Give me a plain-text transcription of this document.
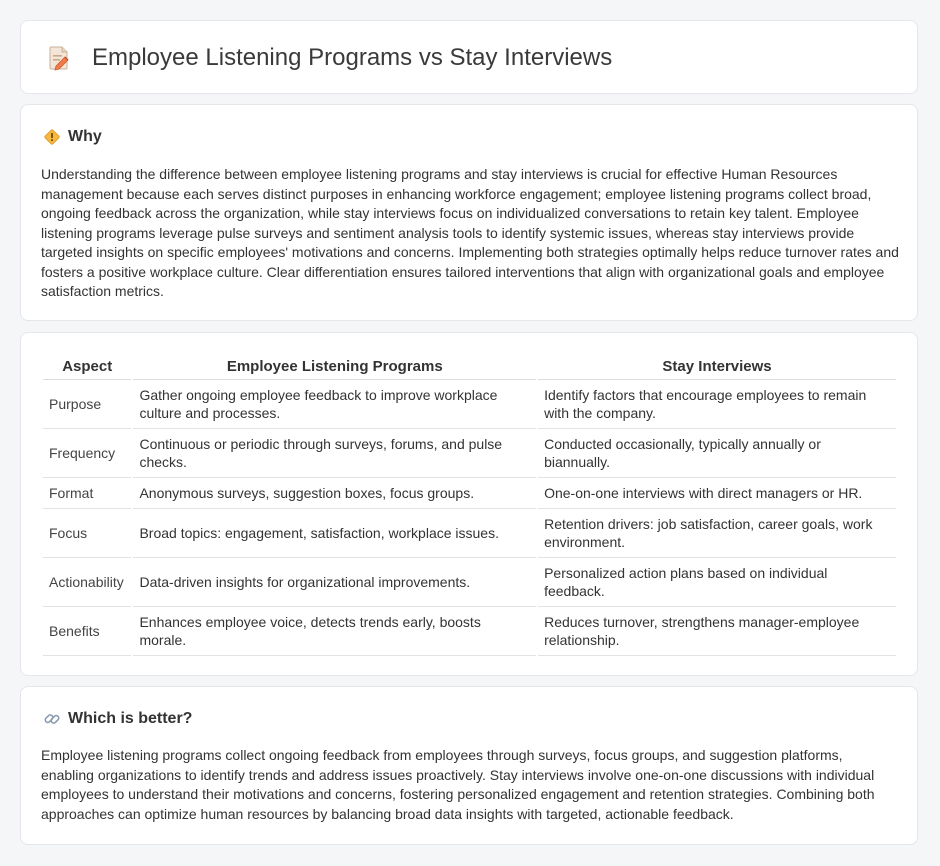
Employee Listening Programs vs Stay Interviews
Why

Understanding the difference between employee listening programs and stay interviews is crucial for effective Human Resources management because each serves distinct purposes in enhancing workforce engagement; employee listening programs collect broad, ongoing feedback across the organization, while stay interviews focus on individualized conversations to retain key talent. Employee listening programs leverage pulse surveys and sentiment analysis tools to identify systemic issues, whereas stay interviews provide targeted insights on specific employees' motivations and concerns. Implementing both strategies optimally helps reduce turnover rates and fosters a positive workplace culture. Clear differentiation ensures tailored interventions that align with organizational goals and employee satisfaction metrics.

Aspect	Employee Listening Programs	Stay Interviews
Purpose	Gather ongoing employee feedback to improve workplace culture and processes.	Identify factors that encourage employees to remain with the company.
Frequency	Continuous or periodic through surveys, forums, and pulse checks.	Conducted occasionally, typically annually or biannually.
Format	Anonymous surveys, suggestion boxes, focus groups.	One-on-one interviews with direct managers or HR.
Focus	Broad topics: engagement, satisfaction, workplace issues.	Retention drivers: job satisfaction, career goals, work environment.
Actionability	Data-driven insights for organizational improvements.	Personalized action plans based on individual feedback.
Benefits	Enhances employee voice, detects trends early, boosts morale.	Reduces turnover, strengthens manager-employee relationship.
Which is better?

Employee listening programs collect ongoing feedback from employees through surveys, focus groups, and suggestion platforms, enabling organizations to identify trends and address issues proactively. Stay interviews involve one-on-one discussions with individual employees to understand their motivations and concerns, fostering personalized engagement and retention strategies. Combining both approaches can optimize human resources by balancing broad data insights with targeted, actionable feedback.
